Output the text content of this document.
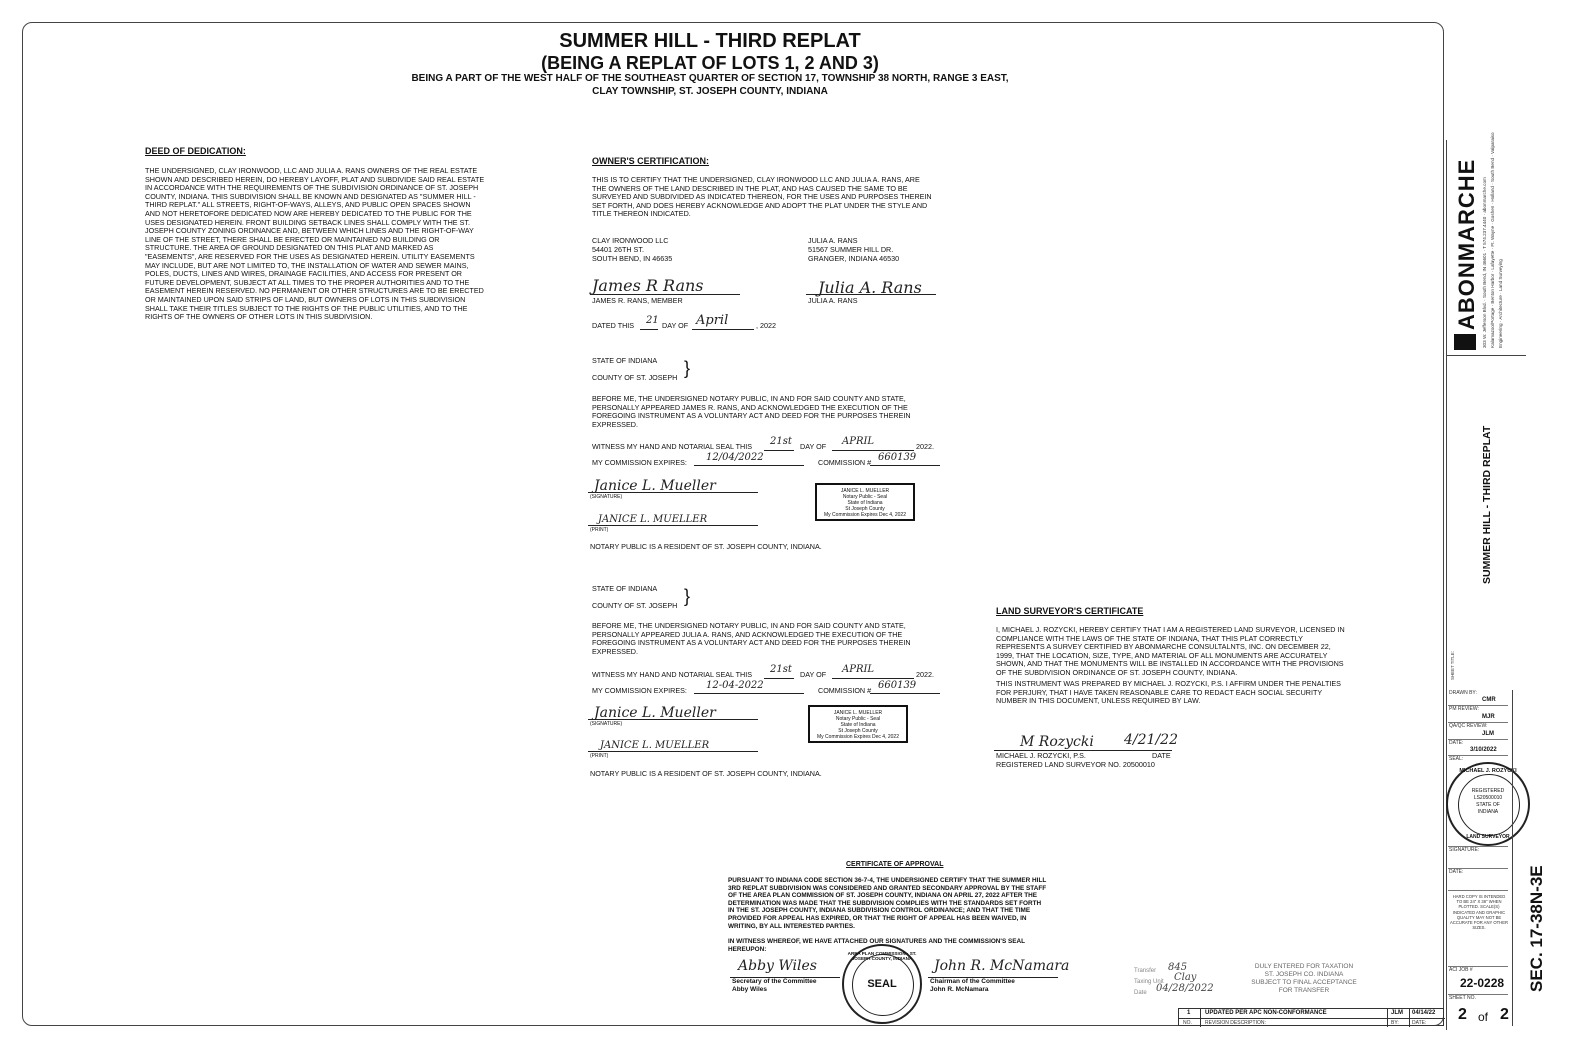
SUMMER HILL - THIRD REPLAT
(BEING A REPLAT OF LOTS 1, 2 AND 3)
BEING A PART OF THE WEST HALF OF THE SOUTHEAST QUARTER OF SECTION 17, TOWNSHIP 38 NORTH, RANGE 3 EAST,
CLAY TOWNSHIP, ST. JOSEPH COUNTY, INDIANA
DEED OF DEDICATION:
THE UNDERSIGNED, CLAY IRONWOOD, LLC AND JULIA A. RANS OWNERS OF THE REAL ESTATE SHOWN AND DESCRIBED HEREIN, DO HEREBY LAYOFF, PLAT AND SUBDIVIDE SAID REAL ESTATE IN ACCORDANCE WITH THE REQUIREMENTS OF THE SUBDIVISION ORDINANCE OF ST. JOSEPH COUNTY, INDIANA. THIS SUBDIVISION SHALL BE KNOWN AND DESIGNATED AS "SUMMER HILL - THIRD REPLAT." ALL STREETS, RIGHT-OF-WAYS, ALLEYS, AND PUBLIC OPEN SPACES SHOWN AND NOT HERETOFORE DEDICATED NOW ARE HEREBY DEDICATED TO THE PUBLIC FOR THE USES DESIGNATED HEREIN. FRONT BUILDING SETBACK LINES SHALL COMPLY WITH THE ST. JOSEPH COUNTY ZONING ORDINANCE AND, BETWEEN WHICH LINES AND THE RIGHT-OF-WAY LINE OF THE STREET, THERE SHALL BE ERECTED OR MAINTAINED NO BUILDING OR STRUCTURE. THE AREA OF GROUND DESIGNATED ON THIS PLAT AND MARKED AS "EASEMENTS", ARE RESERVED FOR THE USES AS DESIGNATED HEREIN. UTILITY EASEMENTS MAY INCLUDE, BUT ARE NOT LIMITED TO, THE INSTALLATION OF WATER AND SEWER MAINS, POLES, DUCTS, LINES AND WIRES, DRAINAGE FACILITIES, AND ACCESS FOR PRESENT OR FUTURE DEVELOPMENT, SUBJECT AT ALL TIMES TO THE PROPER AUTHORITIES AND TO THE EASEMENT HEREIN RESERVED. NO PERMANENT OR OTHER STRUCTURES ARE TO BE ERECTED OR MAINTAINED UPON SAID STRIPS OF LAND, BUT OWNERS OF LOTS IN THIS SUBDIVISION SHALL TAKE THEIR TITLES SUBJECT TO THE RIGHTS OF THE PUBLIC UTILITIES, AND TO THE RIGHTS OF THE OWNERS OF OTHER LOTS IN THIS SUBDIVISION.
OWNER'S CERTIFICATION:
THIS IS TO CERTIFY THAT THE UNDERSIGNED, CLAY IRONWOOD LLC AND JULIA A. RANS, ARE THE OWNERS OF THE LAND DESCRIBED IN THE PLAT, AND HAS CAUSED THE SAME TO BE SURVEYED AND SUBDIVIDED AS INDICATED THEREON, FOR THE USES AND PURPOSES THEREIN SET FORTH, AND DOES HEREBY ACKNOWLEDGE AND ADOPT THE PLAT UNDER THE STYLE AND TITLE THEREON INDICATED.
CLAY IRONWOOD LLC
54401 26TH ST.
SOUTH BEND, IN 46635
JULIA A. RANS
51567 SUMMER HILL DR.
GRANGER, INDIANA 46530
James R Rans
JAMES R. RANS, MEMBER
Julia A. Rans
JULIA A. RANS
DATED THIS 21 DAY OF April	, 2022
STATE OF INDIANA
COUNTY OF ST. JOSEPH }
BEFORE ME, THE UNDERSIGNED NOTARY PUBLIC, IN AND FOR SAID COUNTY AND STATE, PERSONALLY APPEARED JAMES R. RANS, AND ACKNOWLEDGED THE EXECUTION OF THE FOREGOING INSTRUMENT AS A VOLUNTARY ACT AND DEED FOR THE PURPOSES THEREIN EXPRESSED.
WITNESS MY HAND AND NOTARIAL SEAL THIS 21st DAY OF APRIL	2022.
MY COMMISSION EXPIRES: 12/04/2022	COMMISSION # 660139
Janice L. Mueller
(SIGNATURE)
JANICE L. MUELLER
(PRINT)
NOTARY PUBLIC IS A RESIDENT OF ST. JOSEPH COUNTY, INDIANA.
JANICE L. MUELLER
Notary Public - Seal
State of Indiana
St Joseph County
My Commission Expires Dec 4, 2022
STATE OF INDIANA
COUNTY OF ST. JOSEPH }
BEFORE ME, THE UNDERSIGNED NOTARY PUBLIC, IN AND FOR SAID COUNTY AND STATE, PERSONALLY APPEARED JULIA A. RANS, AND ACKNOWLEDGED THE EXECUTION OF THE FOREGOING INSTRUMENT AS A VOLUNTARY ACT AND DEED FOR THE PURPOSES THEREIN EXPRESSED.
WITNESS MY HAND AND NOTARIAL SEAL THIS 21st DAY OF APRIL	2022.
MY COMMISSION EXPIRES: 12-04-2022	COMMISSION # 660139
Janice L. Mueller
(SIGNATURE)
JANICE L. MUELLER
(PRINT)
NOTARY PUBLIC IS A RESIDENT OF ST. JOSEPH COUNTY, INDIANA.
JANICE L. MUELLER
Notary Public - Seal
State of Indiana
St Joseph County
My Commission Expires Dec 4, 2022
LAND SURVEYOR'S CERTIFICATE
I, MICHAEL J. ROZYCKI, HEREBY CERTIFY THAT I AM A REGISTERED LAND SURVEYOR, LICENSED IN COMPLIANCE WITH THE LAWS OF THE STATE OF INDIANA, THAT THIS PLAT CORRECTLY REPRESENTS A SURVEY CERTIFIED BY ABONMARCHE CONSULTALNTS, INC. ON DECEMBER 22, 1999, THAT THE LOCATION, SIZE, TYPE, AND MATERIAL OF ALL MONUMENTS ARE ACCURATELY SHOWN, AND THAT THE MONUMENTS WILL BE INSTALLED IN ACCORDANCE WITH THE PROVISIONS OF THE SUBDIVISION ORDINANCE OF ST. JOSEPH COUNTY, INDIANA.
THIS INSTRUMENT WAS PREPARED BY MICHAEL J. ROZYCKI, P.S. I AFFIRM UNDER THE PENALTIES FOR PERJURY, THAT I HAVE TAKEN REASONABLE CARE TO REDACT EACH SOCIAL SECURITY NUMBER IN THIS DOCUMENT, UNLESS REQUIRED BY LAW.
M Rozycki 4/21/22
MICHAEL J. ROZYCKI, P.S.	DATE
REGISTERED LAND SURVEYOR NO. 20500010
CERTIFICATE OF APPROVAL
PURSUANT TO INDIANA CODE SECTION 36-7-4, THE UNDERSIGNED CERTIFY THAT THE SUMMER HILL 3RD REPLAT SUBDIVISION WAS CONSIDERED AND GRANTED SECONDARY APPROVAL BY THE STAFF OF THE AREA PLAN COMMISSION OF ST. JOSEPH COUNTY, INDIANA ON APRIL 27, 2022 AFTER THE DETERMINATION WAS MADE THAT THE SUBDIVISION COMPLIES WITH THE STANDARDS SET FORTH IN THE ST. JOSEPH COUNTY, INDIANA SUBDIVISION CONTROL ORDINANCE; AND THAT THE TIME PROVIDED FOR APPEAL HAS EXPIRED, OR THAT THE RIGHT OF APPEAL HAS BEEN WAIVED, IN WRITING, BY ALL INTERESTED PARTIES.
IN WITNESS WHEREOF, WE HAVE ATTACHED OUR SIGNATURES AND THE COMMISSION'S SEAL HEREUPON:
Abby Wiles
Secretary of the Committee
Abby Wiles
John R. McNamara
Chairman of the Committee
John R. McNamara
AREA PLAN COMMISSION · ST. JOSEPH COUNTY, INDIANA
SEAL
Transfer 845
Taxing Unit Clay
Date 04/28/2022
DULY ENTERED FOR TAXATION
ST. JOSEPH CO. INDIANA
SUBJECT TO FINAL ACCEPTANCE
FOR TRANSFER
1 UPDATED PER APC NON-CONFORMANCE	JLM 04/14/22
NO.	REVISION DESCRIPTION:	BY:	DATE:
ABONMARCHE 303 W. Jefferson Blvd. · South Bend, IN 46601 · T 574.237.4440 · abonmarche.com Kalamazoo/Portage · Benton Harbor · Lafayette · Ft. Wayne · Goshen · Holland · South Bend · Valparaiso Engineering · Architecture · Land Surveying
SUMMER HILL - THIRD REPLAT
SHEET TITLE:
DRAWN BY:
CMR
PM REVIEW:
MJR
QA/QC REVIEW:
JLM
DATE:
3/10/2022
SEAL:
MICHAEL J. ROZYCKI
REGISTERED
LS20500010
STATE OF
INDIANA
LAND SURVEYOR
SIGNATURE:
DATE:
HARD COPY IS INTENDED TO BE 24" X 36" WHEN PLOTTED. SCALE(S) INDICATED AND GRAPHIC QUALITY MAY NOT BE ACCURATE FOR ANY OTHER SIZES.
ACI JOB #
22-0228
SHEET NO.
2 of 2
SEC. 17-38N-3E
